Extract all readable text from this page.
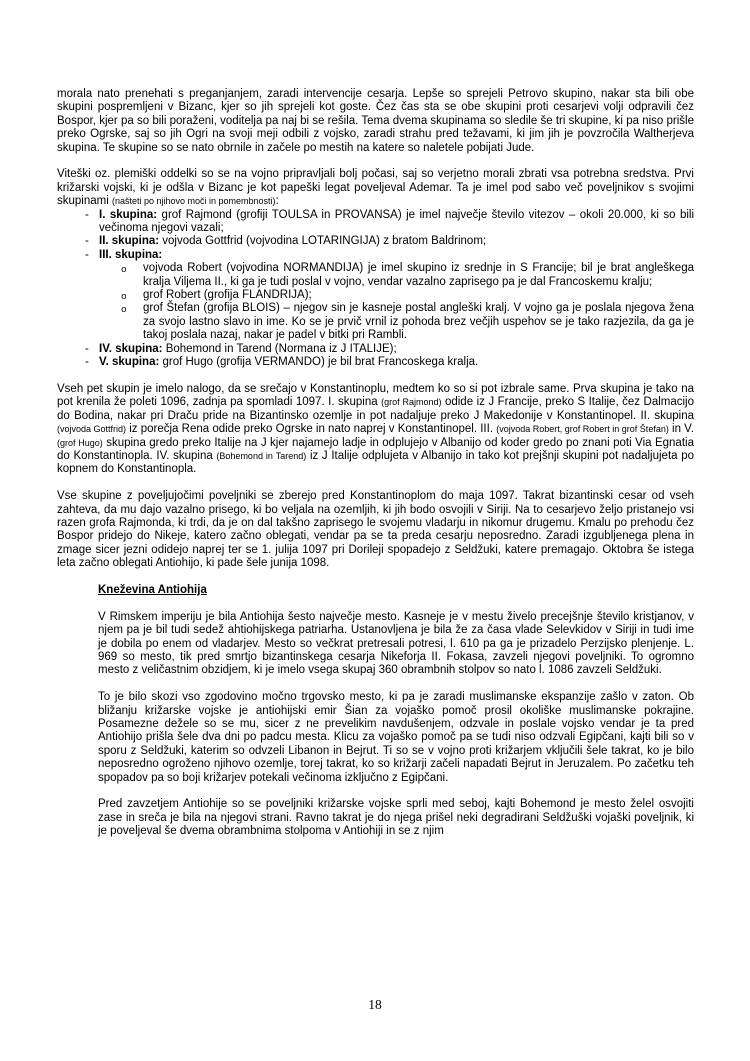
morala nato prenehati s preganjanjem, zaradi intervencije cesarja. Lepše so sprejeli Petrovo skupino, nakar sta bili obe skupini pospremljeni v Bizanc, kjer so jih sprejeli kot goste. Čez čas sta se obe skupini proti cesarjevi volji odpravili čez Bospor, kjer pa so bili poraženi, voditelja pa naj bi se rešila. Tema dvema skupinama so sledile še tri skupine, ki pa niso prišle preko Ogrske, saj so jih Ogri na svoji meji odbili z vojsko, zaradi strahu pred težavami, ki jim jih je povzročila Waltherjeva skupina. Te skupine so se nato obrnile in začele po mestih na katere so naletele pobijati Jude.
Viteški oz. plemiški oddelki so se na vojno pripravljali bolj počasi, saj so verjetno morali zbrati vsa potrebna sredstva. Prvi križarski vojski, ki je odšla v Bizanc je kot papeški legat poveljeval Ademar. Ta je imel pod sabo več poveljnikov s svojimi skupinami (našteti po njihovo moči in pomembnosti):
- I. skupina: grof Rajmond (grofiji TOULSA in PROVANSA) je imel največje število vitezov – okoli 20.000, ki so bili večinoma njegovi vazali;
- II. skupina: vojvoda Gottfrid (vojvodina LOTARINGIJA) z bratom Baldrinom;
- III. skupina:
o vojvoda Robert (vojvodina NORMANDIJA) je imel skupino iz srednje in S Francije; bil je brat angleškega kralja Viljema II., ki ga je tudi poslal v vojno, vendar vazalno zaprisego pa je dal Francoskemu kralju;
o grof Robert (grofija FLANDRIJA);
o grof Štefan (grofija BLOIS) – njegov sin je kasneje postal angleški kralj. V vojno ga je poslala njegova žena za svojo lastno slavo in ime. Ko se je prvič vrnil iz pohoda brez večjih uspehov se je tako razjezila, da ga je takoj poslala nazaj, nakar je padel v bitki pri Rambli.
- IV. skupina: Bohemond in Tarend (Normana iz J ITALIJE);
- V. skupina: grof Hugo (grofija VERMANDO) je bil brat Francoskega kralja.
Vseh pet skupin je imelo nalogo, da se srečajo v Konstantinoplu, medtem ko so si pot izbrale same. Prva skupina je tako na pot krenila že poleti 1096, zadnja pa spomladi 1097. I. skupina (grof Rajmond) odide iz J Francije, preko S Italije, čez Dalmacijo do Bodina, nakar pri Draču pride na Bizantinsko ozemlje in pot nadaljuje preko J Makedonije v Konstantinopel. II. skupina (vojvoda Gottfrid) iz porečja Rena odide preko Ogrske in nato naprej v Konstantinopel. III. (vojvoda Robert, grof Robert in grof Štefan) in V. (grof Hugo) skupina gredo preko Italije na J kjer najamejo ladje in odplujejo v Albanijo od koder gredo po znani poti Via Egnatia do Konstantinopla. IV. skupina (Bohemond in Tarend) iz J Italije odplujeta v Albanijo in tako kot prejšnji skupini pot nadaljujeta po kopnem do Konstantinopla.
Vse skupine z poveljujočimi poveljniki se zberejo pred Konstantinoplom do maja 1097. Takrat bizantinski cesar od vseh zahteva, da mu dajo vazalno prisego, ki bo veljala na ozemljih, ki jih bodo osvojili v Siriji. Na to cesarjevo željo pristanejo vsi razen grofa Rajmonda, ki trdi, da je on dal takšno zaprisego le svojemu vladarju in nikomur drugemu. Kmalu po prehodu čez Bospor pridejo do Nikeje, katero začno oblegati, vendar pa se ta preda cesarju neposredno. Zaradi izgubljenega plena in zmage sicer jezni odidejo naprej ter se 1. julija 1097 pri Dorileji spopadejo z Seldžuki, katere premagajo. Oktobra še istega leta začno oblegati Antiohijo, ki pade šele junija 1098.
Kneževina Antiohija
V Rimskem imperiju je bila Antiohija šesto največje mesto. Kasneje je v mestu živelo precejšnje število kristjanov, v njem pa je bil tudi sedež ahtiohijskega patriarha. Ustanovljena je bila že za časa vlade Selevkidov v Siriji in tudi ime je dobila po enem od vladarjev. Mesto so večkrat pretresali potresi, l. 610 pa ga je prizadelo Perzijsko plenjenje. L. 969 so mesto, tik pred smrtjo bizantinskega cesarja Nikeforja II. Fokasa, zavzeli njegovi poveljniki. To ogromno mesto z veličastnim obzidjem, ki je imelo vsega skupaj 360 obrambnih stolpov so nato l. 1086 zavzeli Seldžuki.
To je bilo skozi vso zgodovino močno trgovsko mesto, ki pa je zaradi muslimanske ekspanzije zašlo v zaton. Ob bližanju križarske vojske je antiohijski emir Šian za vojaško pomoč prosil okoliške muslimanske pokrajine. Posamezne dežele so se mu, sicer z ne prevelikim navdušenjem, odzvale in poslale vojsko vendar je ta pred Antiohijo prišla šele dva dni po padcu mesta. Klicu za vojaško pomoč pa se tudi niso odzvali Egipčani, kajti bili so v sporu z Seldžuki, katerim so odvzeli Libanon in Bejrut. Ti so se v vojno proti križarjem vključili šele takrat, ko je bilo neposredno ogroženo njihovo ozemlje, torej takrat, ko so križarji začeli napadati Bejrut in Jeruzalem. Po začetku teh spopadov pa so boji križarjev potekali večinoma izključno z Egipčani.
Pred zavzetjem Antiohije so se poveljniki križarske vojske sprli med seboj, kajti Bohemond je mesto želel osvojiti zase in sreča je bila na njegovi strani. Ravno takrat je do njega prišel neki degradirani Seldžuški vojaški poveljnik, ki je poveljeval še dvema obrambnima stolpoma v Antiohiji in se z njim
18
